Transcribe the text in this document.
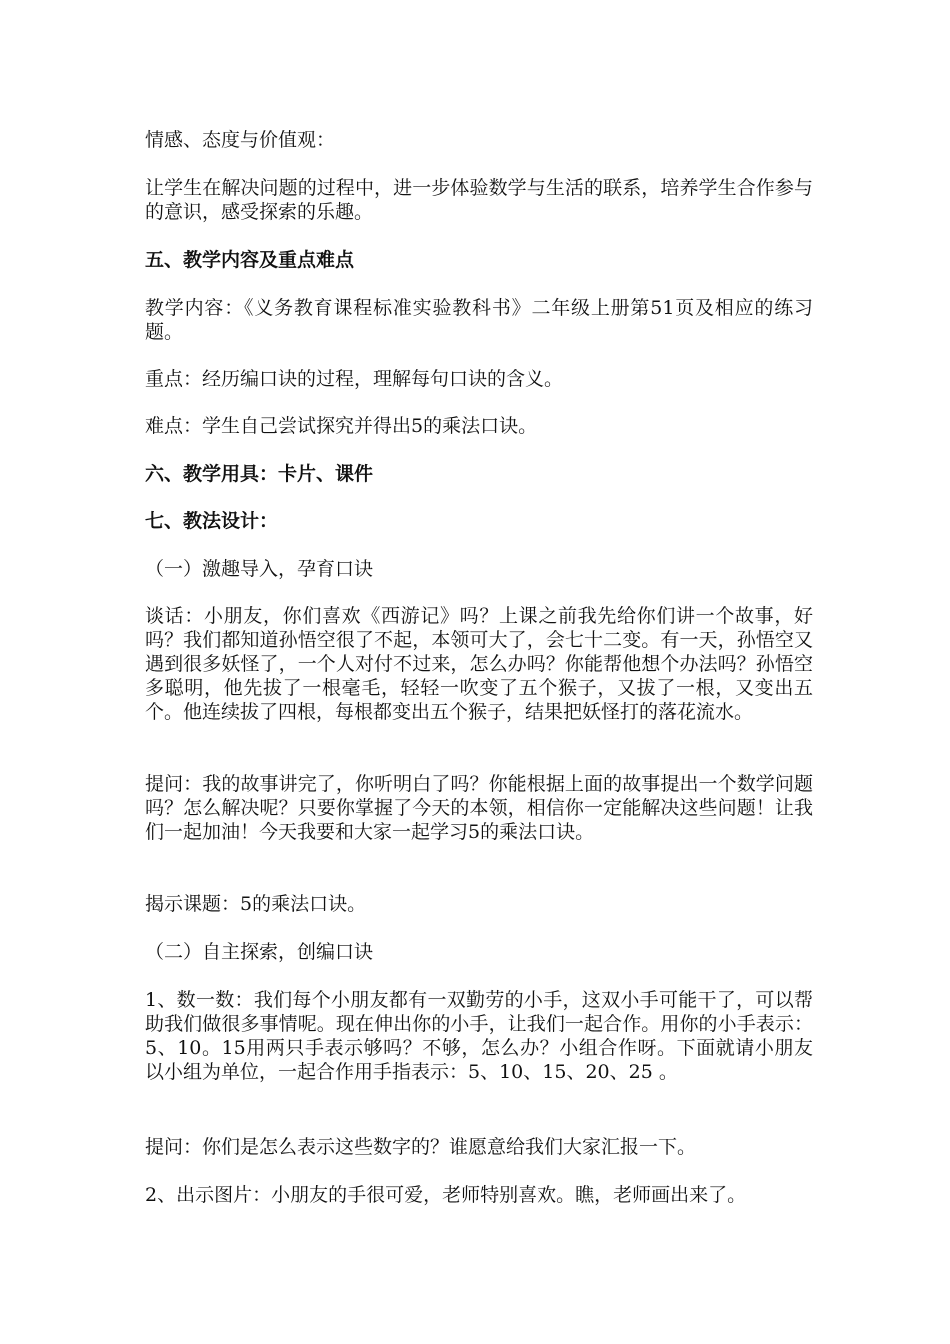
情感、态度与价值观：

让学生在解决问题的过程中，进一步体验数学与生活的联系，培养学生合作参与的意识，感受探索的乐趣。

五、教学内容及重点难点

教学内容：《义务教育课程标准实验教科书》二年级上册第51页及相应的练习题。

重点：经历编口诀的过程，理解每句口诀的含义。

难点：学生自己尝试探究并得出5的乘法口诀。

六、教学用具：卡片、课件

七、教法设计：

（一）激趣导入，孕育口诀

谈话：小朋友，你们喜欢《西游记》吗？上课之前我先给你们讲一个故事，好吗？我们都知道孙悟空很了不起，本领可大了，会七十二变。有一天，孙悟空又遇到很多妖怪了，一个人对付不过来，怎么办吗？你能帮他想个办法吗？孙悟空多聪明，他先拔了一根毫毛，轻轻一吹变了五个猴子，又拔了一根，又变出五个。他连续拔了四根，每根都变出五个猴子，结果把妖怪打的落花流水。

提问：我的故事讲完了，你听明白了吗？你能根据上面的故事提出一个数学问题吗？怎么解决呢？只要你掌握了今天的本领，相信你一定能解决这些问题！让我们一起加油！今天我要和大家一起学习5的乘法口诀。

揭示课题：5的乘法口诀。

（二）自主探索，创编口诀

1、数一数：我们每个小朋友都有一双勤劳的小手，这双小手可能干了，可以帮助我们做很多事情呢。现在伸出你的小手，让我们一起合作。用你的小手表示：5、10。15用两只手表示够吗？不够，怎么办？小组合作呀。下面就请小朋友以小组为单位，一起合作用手指表示：5、10、15、20、25 。

提问：你们是怎么表示这些数字的？谁愿意给我们大家汇报一下。

2、出示图片：小朋友的手很可爱，老师特别喜欢。瞧，老师画出来了。
